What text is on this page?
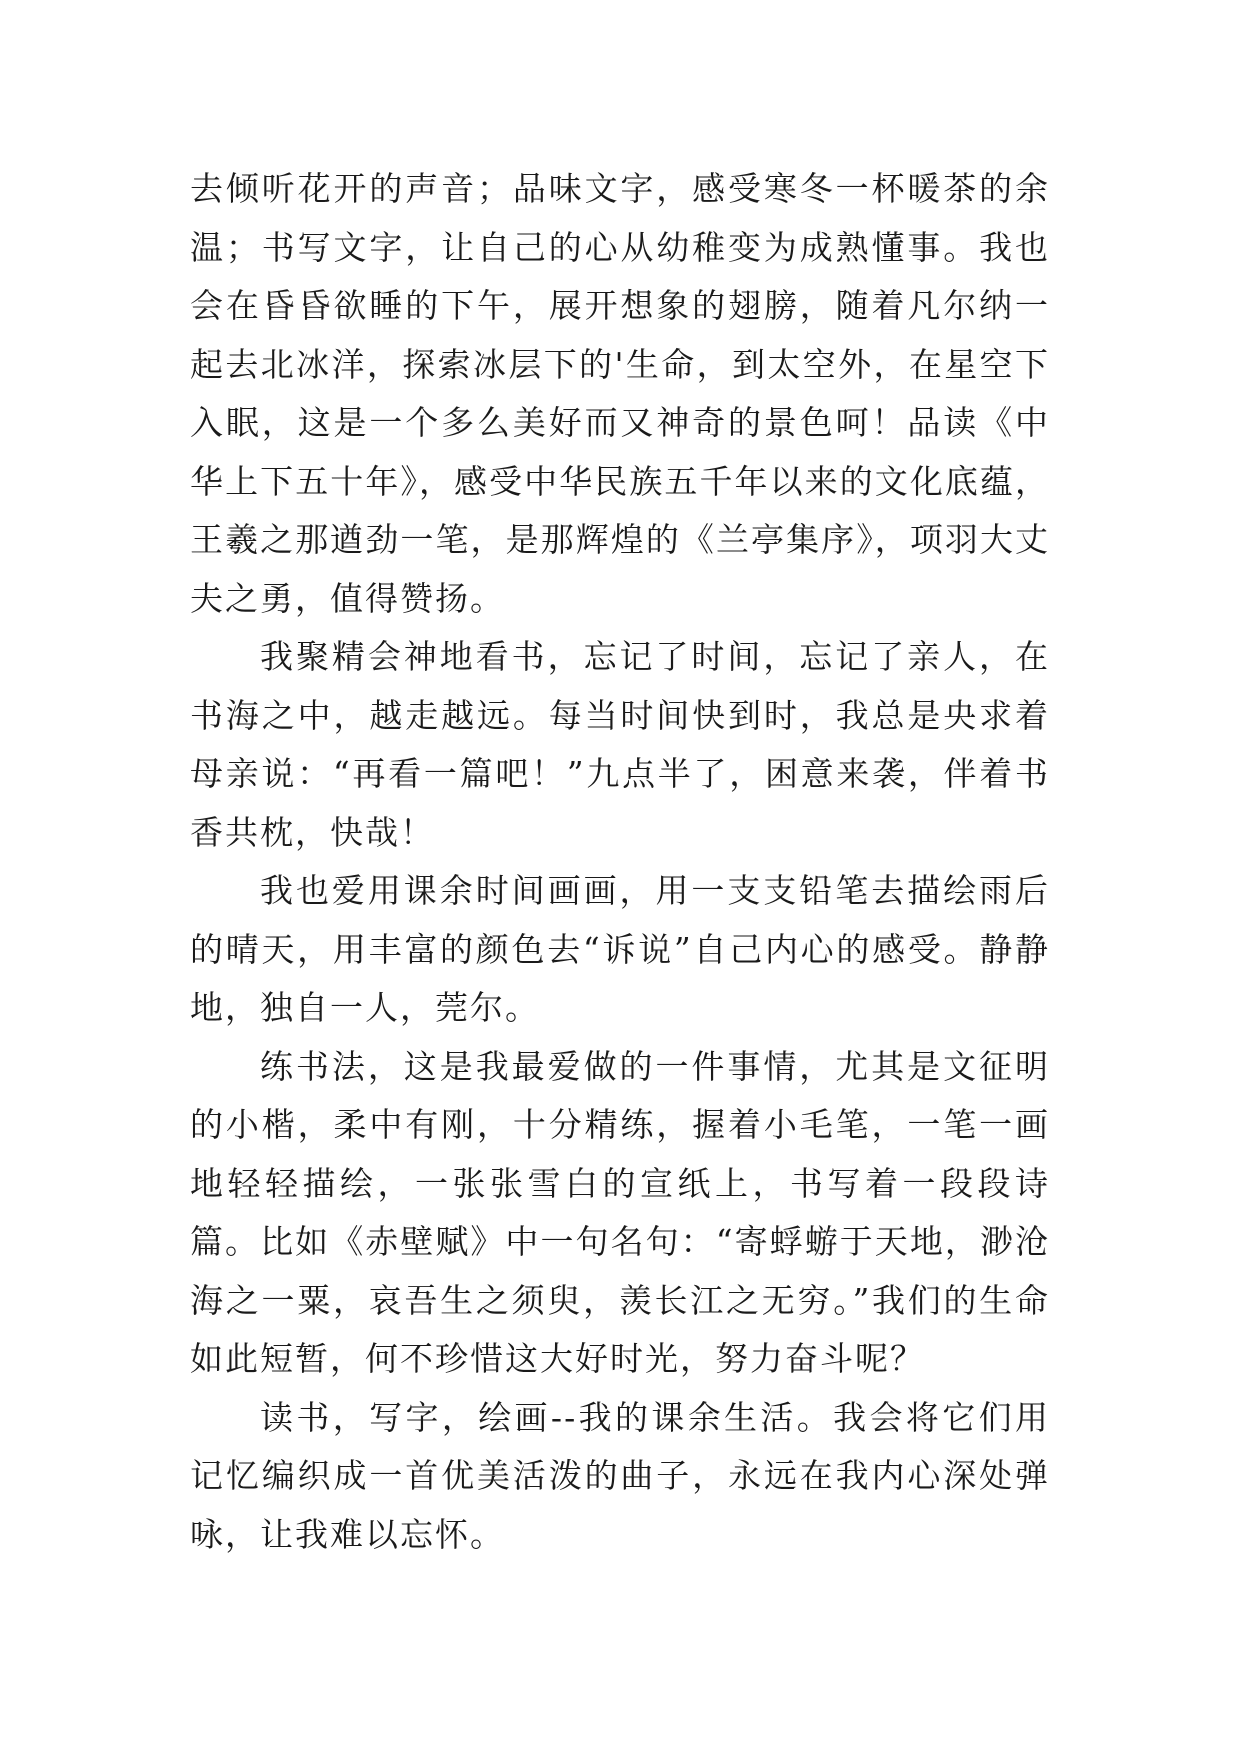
去倾听花开的声音；品味文字，感受寒冬一杯暖茶的余温；书写文字，让自己的心从幼稚变为成熟懂事。我也会在昏昏欲睡的下午，展开想象的翅膀，随着凡尔纳一起去北冰洋，探索冰层下的'生命，到太空外，在星空下入眠，这是一个多么美好而又神奇的景色呵！品读《中华上下五十年》，感受中华民族五千年以来的文化底蕴，王羲之那遒劲一笔，是那辉煌的《兰亭集序》，项羽大丈夫之勇，值得赞扬。

我聚精会神地看书，忘记了时间，忘记了亲人，在书海之中，越走越远。每当时间快到时，我总是央求着母亲说：“再看一篇吧！”九点半了，困意来袭，伴着书香共枕，快哉！

我也爱用课余时间画画，用一支支铅笔去描绘雨后的晴天，用丰富的颜色去“诉说”自己内心的感受。静静地，独自一人，莞尔。

练书法，这是我最爱做的一件事情，尤其是文征明的小楷，柔中有刚，十分精练，握着小毛笔，一笔一画地轻轻描绘，一张张雪白的宣纸上，书写着一段段诗篇。比如《赤壁赋》中一句名句：“寄蜉蝣于天地，渺沧海之一粟，哀吾生之须臾，羡长江之无穷。”我们的生命如此短暂，何不珍惜这大好时光，努力奋斗呢？

读书，写字，绘画--我的课余生活。我会将它们用记忆编织成一首优美活泼的曲子，永远在我内心深处弹咏，让我难以忘怀。
